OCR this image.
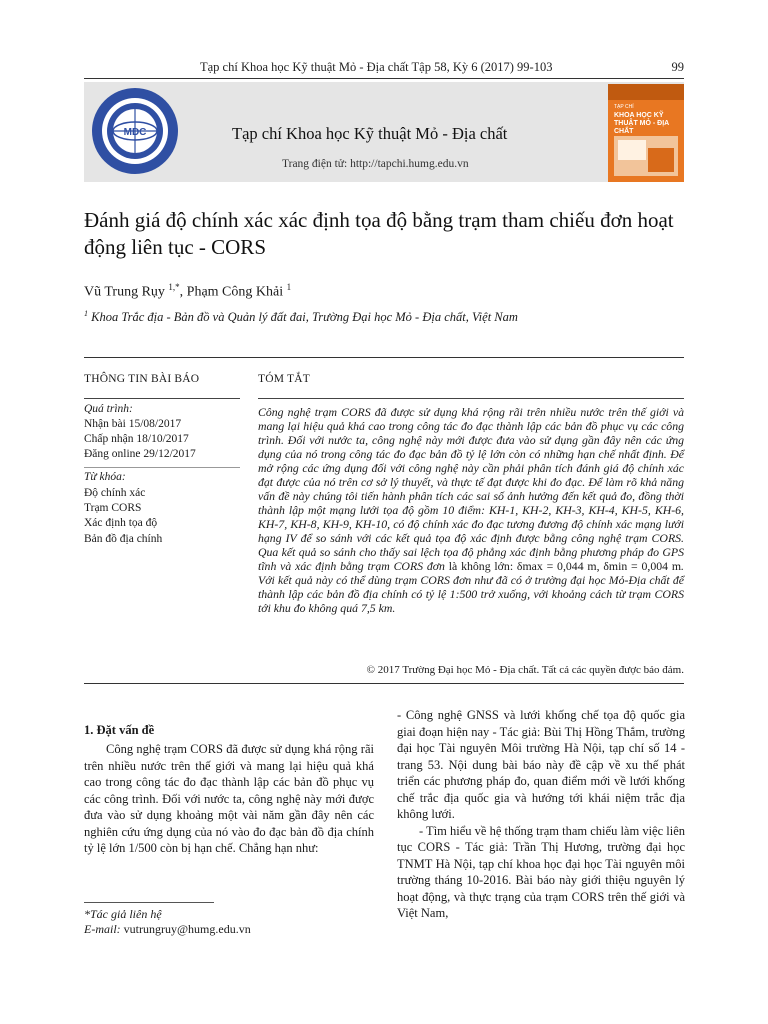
Tạp chí Khoa học Kỹ thuật Mỏ - Địa chất Tập 58, Kỳ 6 (2017) 99-103	99
MDC	Tạp chí Khoa học Kỹ thuật Mỏ - Địa chất
Trang điện tử: http://tapchi.humg.edu.vn
TẠP CHÍ
KHOA HỌC KỸ THUẬT MỎ - ĐỊA CHẤT
Đánh giá độ chính xác xác định tọa độ bằng trạm tham chiếu đơn hoạt động liên tục - CORS
Vũ Trung Rụy $^{1,*}$, Phạm Công Khải $^1$
$^1$ Khoa Trắc địa - Bản đồ và Quản lý đất đai, Trường Đại học Mỏ - Địa chất, Việt Nam
THÔNG TIN BÀI BÁO	TÓM TẮT
Quá trình:
Nhận bài 15/08/2017
Chấp nhận 18/10/2017
Đăng online 29/12/2017
Từ khóa:
Độ chính xác
Trạm CORS
Xác định tọa độ
Bản đồ địa chính
Công nghệ trạm CORS đã được sử dụng khá rộng rãi trên nhiều nước trên thế giới và mang lại hiệu quả khá cao trong công tác đo đạc thành lập các bản đồ phục vụ các công trình. Đối với nước ta, công nghệ này mới được đưa vào sử dụng gần đây nên các ứng dụng của nó trong công tác đo đạc bản đồ tỷ lệ lớn còn có những hạn chế nhất định. Để mở rộng các ứng dụng đối với công nghệ này cần phải phân tích đánh giá độ chính xác đạt được của nó trên cơ sở lý thuyết, và thực tế đạt được khi đo đạc. Để làm rõ khả năng vấn đề này chúng tôi tiến hành phân tích các sai số ảnh hưởng đến kết quả đo, đồng thời thành lập một mạng lưới tọa độ gồm 10 điểm: KH-1, KH-2, KH-3, KH-4, KH-5, KH-6, KH-7, KH-8, KH-9, KH-10, có độ chính xác đo đạc tương đương độ chính xác mạng lưới hạng IV để so sánh với các kết quả tọa độ xác định được bằng công nghệ trạm CORS. Qua kết quả so sánh cho thấy sai lệch tọa độ phẳng xác định bằng phương pháp đo GPS tĩnh và xác định bằng trạm CORS đơn là không lớn: δmax = 0,044 m, δmin = 0,004 m. Với kết quả này có thể dùng trạm CORS đơn như đã có ở trường đại học Mỏ-Địa chất để thành lập các bản đồ địa chính có tỷ lệ 1:500 trở xuống, với khoảng cách từ trạm CORS tới khu đo không quá 7,5 km.
© 2017 Trường Đại học Mỏ - Địa chất. Tất cả các quyền được bảo đảm.
1. Đặt vấn đề
Công nghệ trạm CORS đã được sử dụng khá rộng rãi trên nhiều nước trên thế giới và mang lại hiệu quả khá cao trong công tác đo đạc thành lập các bản đồ phục vụ các công trình. Đối với nước ta, công nghệ này mới được đưa vào sử dụng khoảng một vài năm gần đây nên các nghiên cứu ứng dụng của nó vào đo đạc bản đồ địa chính tỷ lệ lớn 1/500 còn bị hạn chế. Chẳng hạn như:
*Tác giả liên hệ
E-mail: vutrungruy@humg.edu.vn

- Công nghệ GNSS và lưới khống chế tọa độ quốc gia giai đoạn hiện nay - Tác giả: Bùi Thị Hồng Thắm, trường đại học Tài nguyên Môi trường Hà Nội, tạp chí số 14 - trang 53. Nội dung bài báo này đề cập về xu thế phát triển các phương pháp đo, quan điểm mới về lưới khống chế trắc địa quốc gia và hướng tới khái niệm trắc địa không lưới.

- Tìm hiểu về hệ thống trạm tham chiếu làm việc liên tục CORS - Tác giả: Trần Thị Hương, trường đại học TNMT Hà Nội, tạp chí khoa học đại học Tài nguyên môi trường tháng 10-2016. Bài báo này giới thiệu nguyên lý hoạt động, và thực trạng của trạm CORS trên thế giới và Việt Nam,
